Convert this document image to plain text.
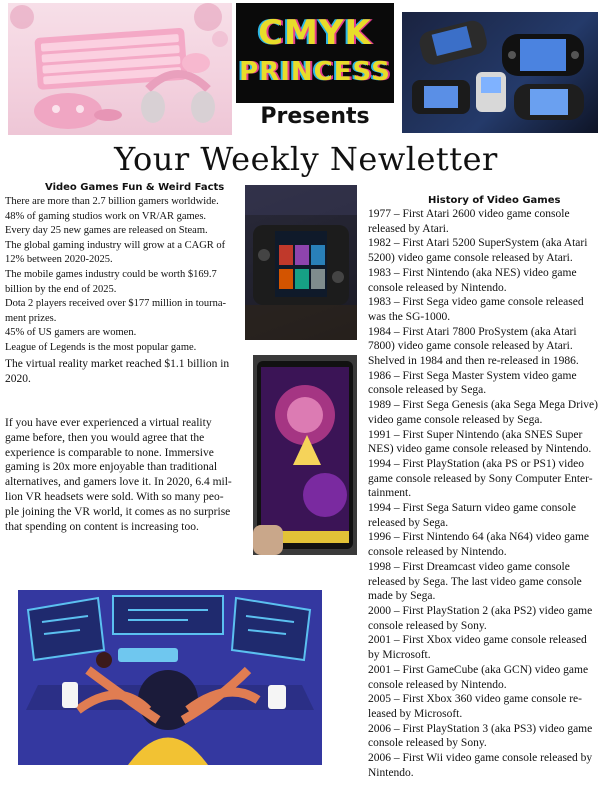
CMYK
PRINCESS
Presents
Your Weekly Newletter
Video Games Fun & Weird Facts
There are more than 2.7 billion gamers worldwide.
48% of gaming studios work on VR/AR games.
Every day 25 new games are released on Steam.
The global gaming industry will grow at a CAGR of
12% between 2020-2025.
The mobile games industry could be worth $169.7
billion by the end of 2025.
Dota 2 players received over $177 million in tourna-
ment prizes.
45% of US gamers are women.
League of Legends is the most popular game.
The virtual reality market reached $1.1 billion in
2020.
If you have ever experienced a virtual reality
game before, then you would agree that the
experience is comparable to none. Immersive
gaming is 20x more enjoyable than traditional
alternatives, and gamers love it. In 2020, 6.4 mil-
lion VR headsets were sold. With so many peo-
ple joining the VR world, it comes as no surprise
that spending on content is increasing too.
History of Video Games
1977 – First Atari 2600 video game console
released by Atari.
1982 – First Atari 5200 SuperSystem (aka Atari
5200) video game console released by Atari.
1983 – First Nintendo (aka NES) video game
console released by Nintendo.
1983 – First Sega video game console released
was the SG-1000.
1984 – First Atari 7800 ProSystem (aka Atari
7800) video game console released by Atari.
Shelved in 1984 and then re-released in 1986.
1986 – First Sega Master System video game
console released by Sega.
1989 – First Sega Genesis (aka Sega Mega Drive)
video game console released by Sega.
1991 – First Super Nintendo (aka SNES Super
NES) video game console released by Nintendo.
1994 – First PlayStation (aka PS or PS1) video
game console released by Sony Computer Enter-
tainment.
1994 – First Sega Saturn video game console
released by Sega.
1996 – First Nintendo 64 (aka N64) video game
console released by Nintendo.
1998 – First Dreamcast video game console
released by Sega. The last video game console
made by Sega.
2000 – First PlayStation 2 (aka PS2) video game
console released by Sony.
2001 – First Xbox video game console released
by Microsoft.
2001 – First GameCube (aka GCN) video game
console released by Nintendo.
2005 – First Xbox 360 video game console re-
leased by Microsoft.
2006 – First PlayStation 3 (aka PS3) video game
console released by Sony.
2006 – First Wii video game console released by
Nintendo.
